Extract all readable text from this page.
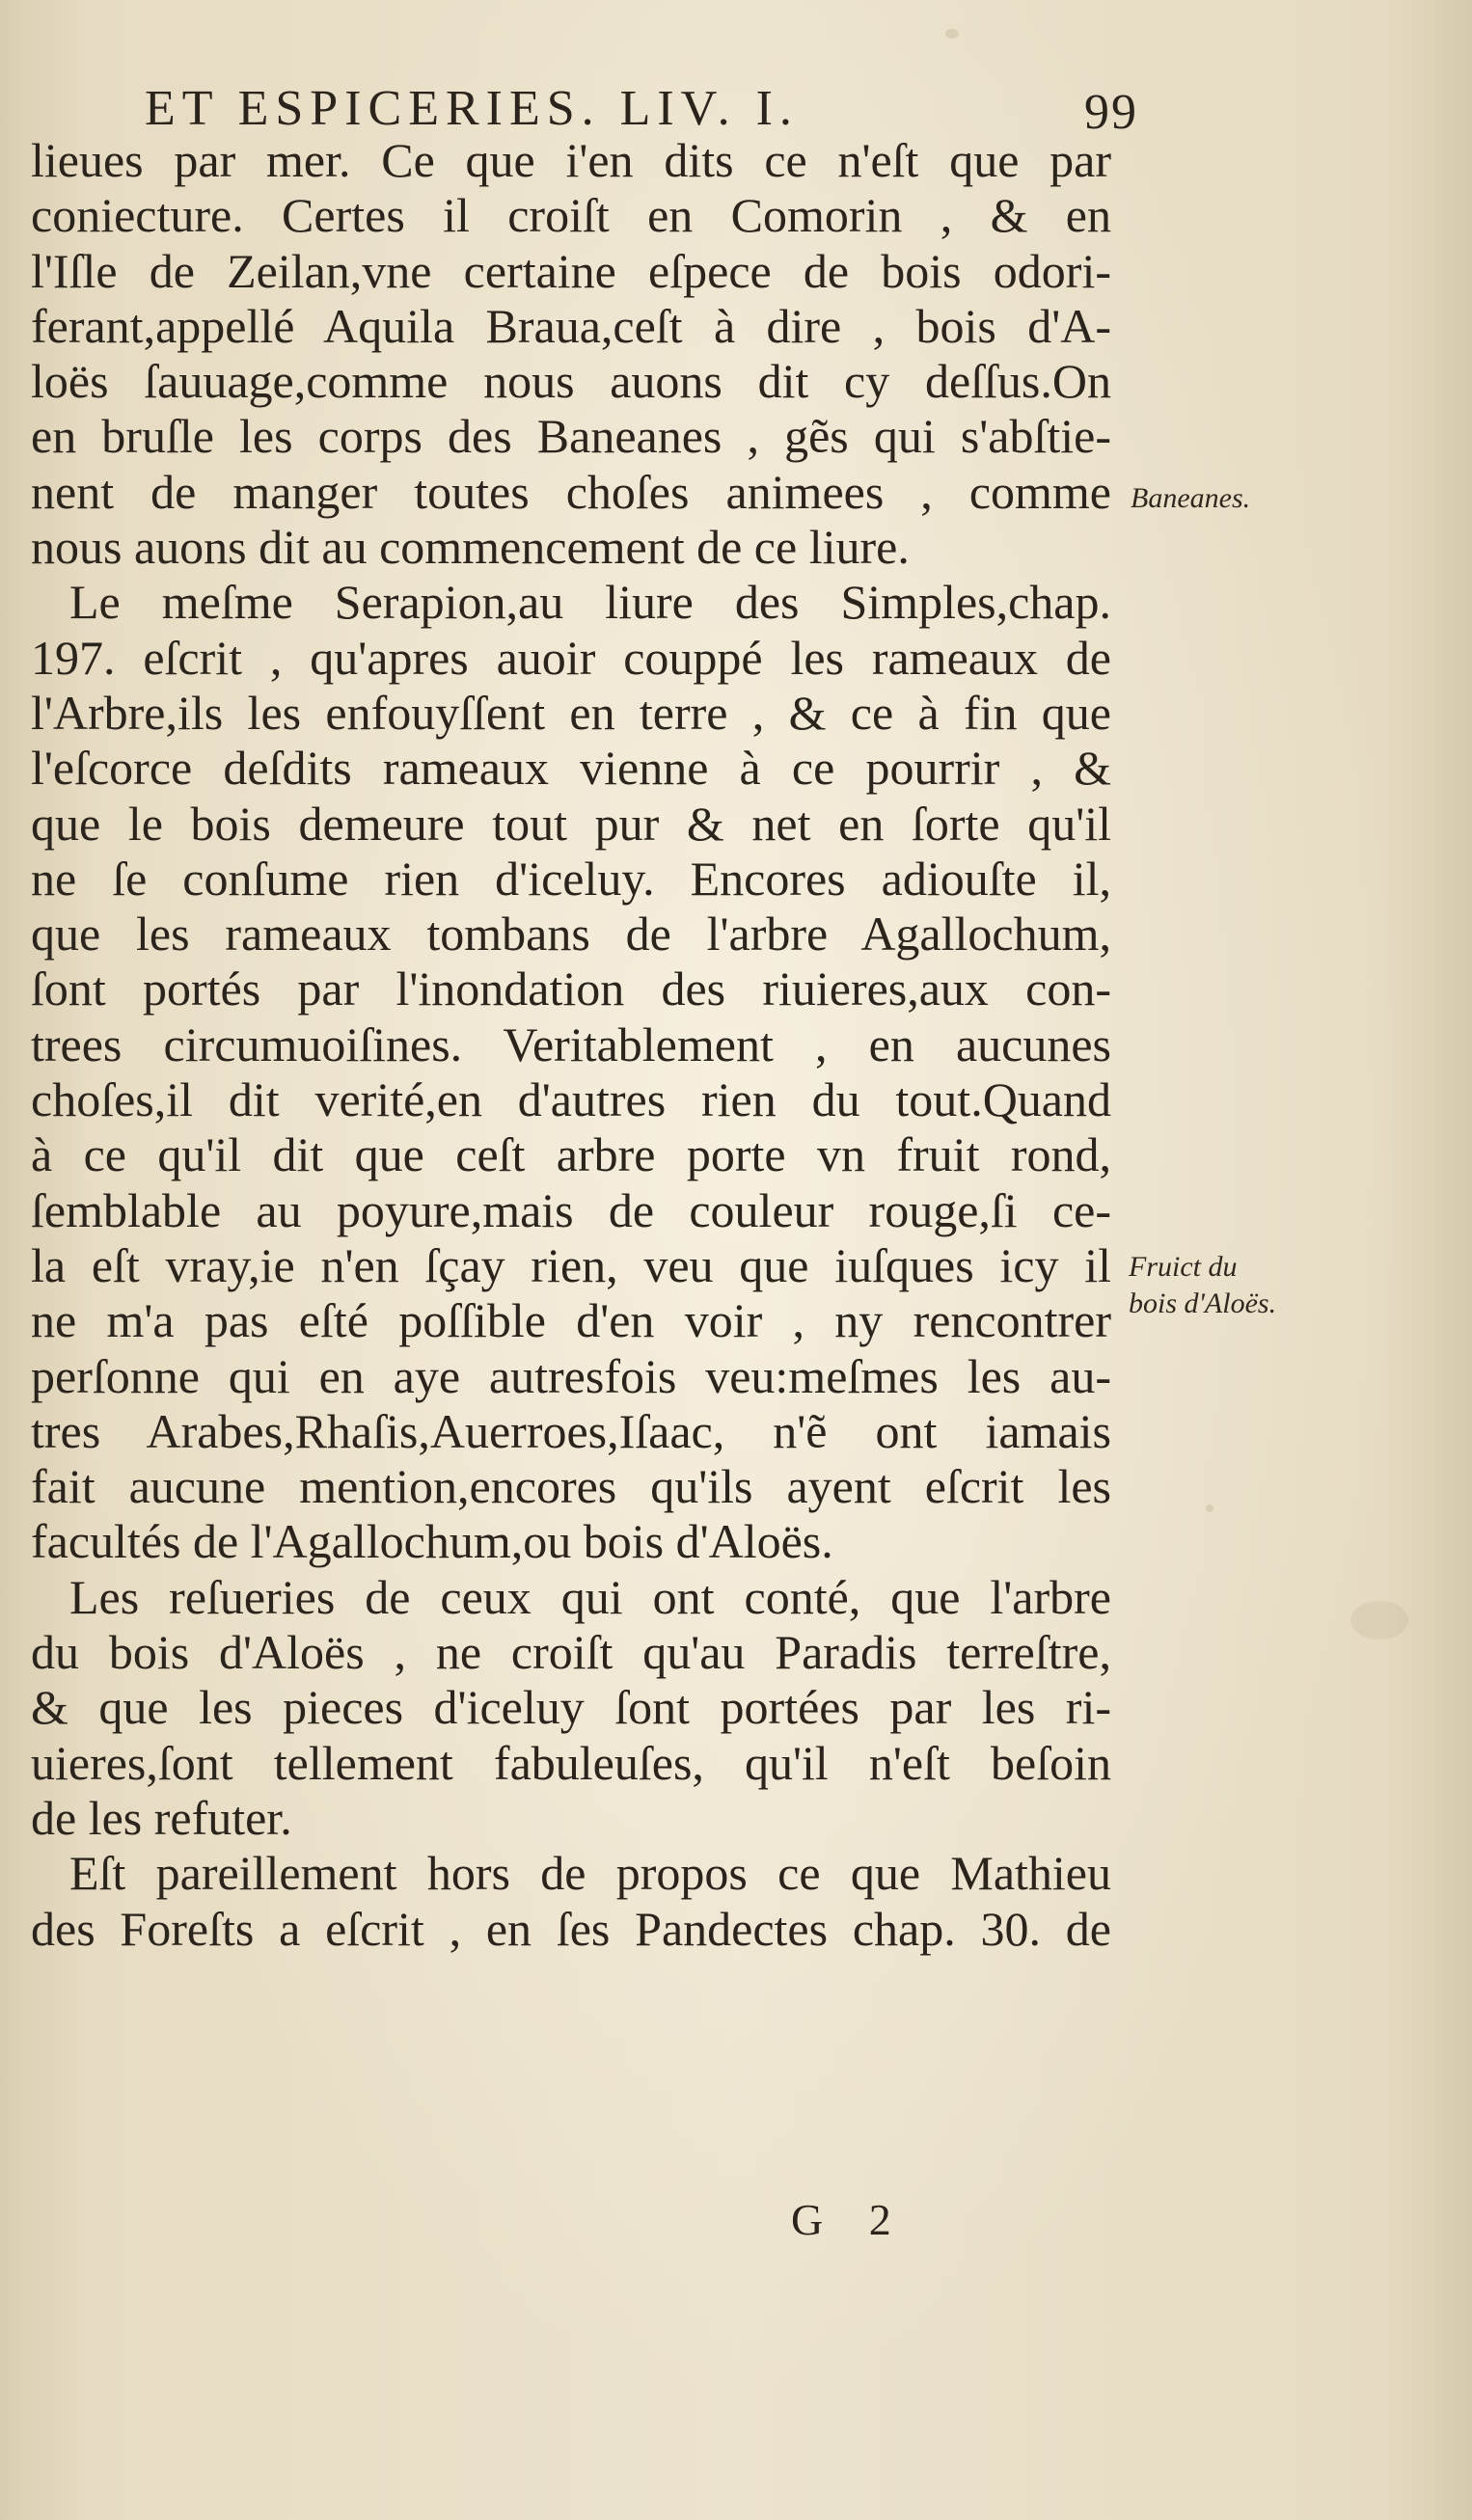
ET ESPICERIES. LIV. I.	99
lieues par mer. Ce que i'en dits ce n'eſt que par
coniecture. Certes il croiſt en Comorin , & en
l'Iſle de Zeilan,vne certaine eſpece de bois odori-
ferant,appellé Aquila Braua,ceſt à dire , bois d'A-
loës ſauuage,comme nous auons dit cy deſſus.On
en bruſle les corps des Baneanes , gẽs qui s'abſtie-
nent de manger toutes choſes animees , comme
nous auons dit au commencement de ce liure.
Le meſme Serapion,au liure des Simples,chap.
197. eſcrit , qu'apres auoir couppé les rameaux de
l'Arbre,ils les enfouyſſent en terre , & ce à fin que
l'eſcorce deſdits rameaux vienne à ce pourrir , &
que le bois demeure tout pur & net en ſorte qu'il
ne ſe conſume rien d'iceluy. Encores adiouſte il,
que les rameaux tombans de l'arbre Agallochum,
ſont portés par l'inondation des riuieres,aux con-
trees circumuoiſines. Veritablement , en aucunes
choſes,il dit verité,en d'autres rien du tout.Quand
à ce qu'il dit que ceſt arbre porte vn fruit rond,
ſemblable au poyure,mais de couleur rouge,ſi ce-
la eſt vray,ie n'en ſçay rien, veu que iuſques icy il
ne m'a pas eſté poſſible d'en voir , ny rencontrer
perſonne qui en aye autresfois veu:meſmes les au-
tres Arabes,Rhaſis,Auerroes,Iſaac, n'ẽ ont iamais
fait aucune mention,encores qu'ils ayent eſcrit les
facultés de l'Agallochum,ou bois d'Aloës.
Les reſueries de ceux qui ont conté, que l'arbre
du bois d'Aloës , ne croiſt qu'au Paradis terreſtre,
& que les pieces d'iceluy ſont portées par les ri-
uieres,ſont tellement fabuleuſes, qu'il n'eſt beſoin
de les refuter.
Eſt pareillement hors de propos ce que Mathieu
des Foreſts a eſcrit , en ſes Pandectes chap. 30. de
Baneanes.
Fruict du
bois d'Aloës.
G 2
